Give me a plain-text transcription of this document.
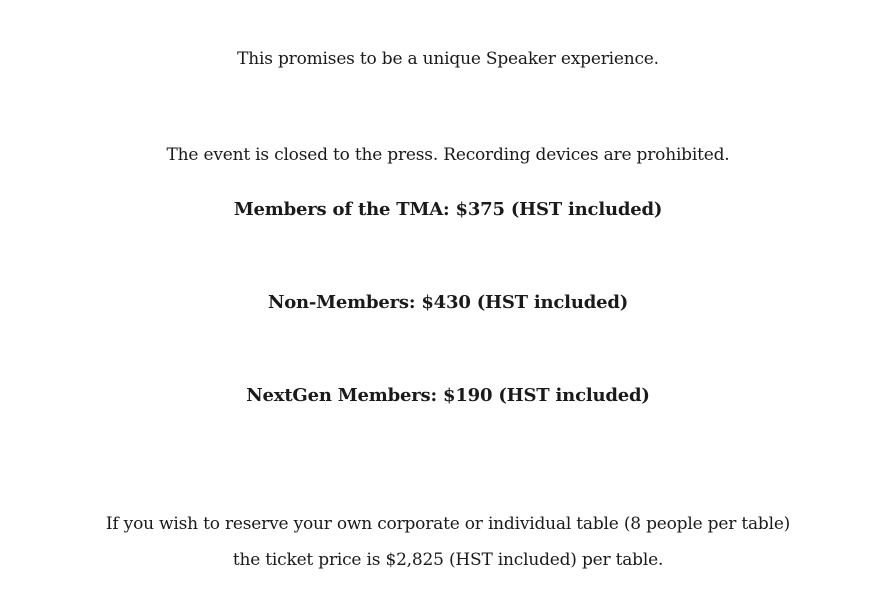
This promises to be a unique Speaker experience.
The event is closed to the press. Recording devices are prohibited.
Members of the TMA: $375 (HST included)
Non-Members: $430 (HST included)
NextGen Members: $190 (HST included)
If you wish to reserve your own corporate or individual table (8 people per table)
the ticket price is $2,825 (HST included) per table.
